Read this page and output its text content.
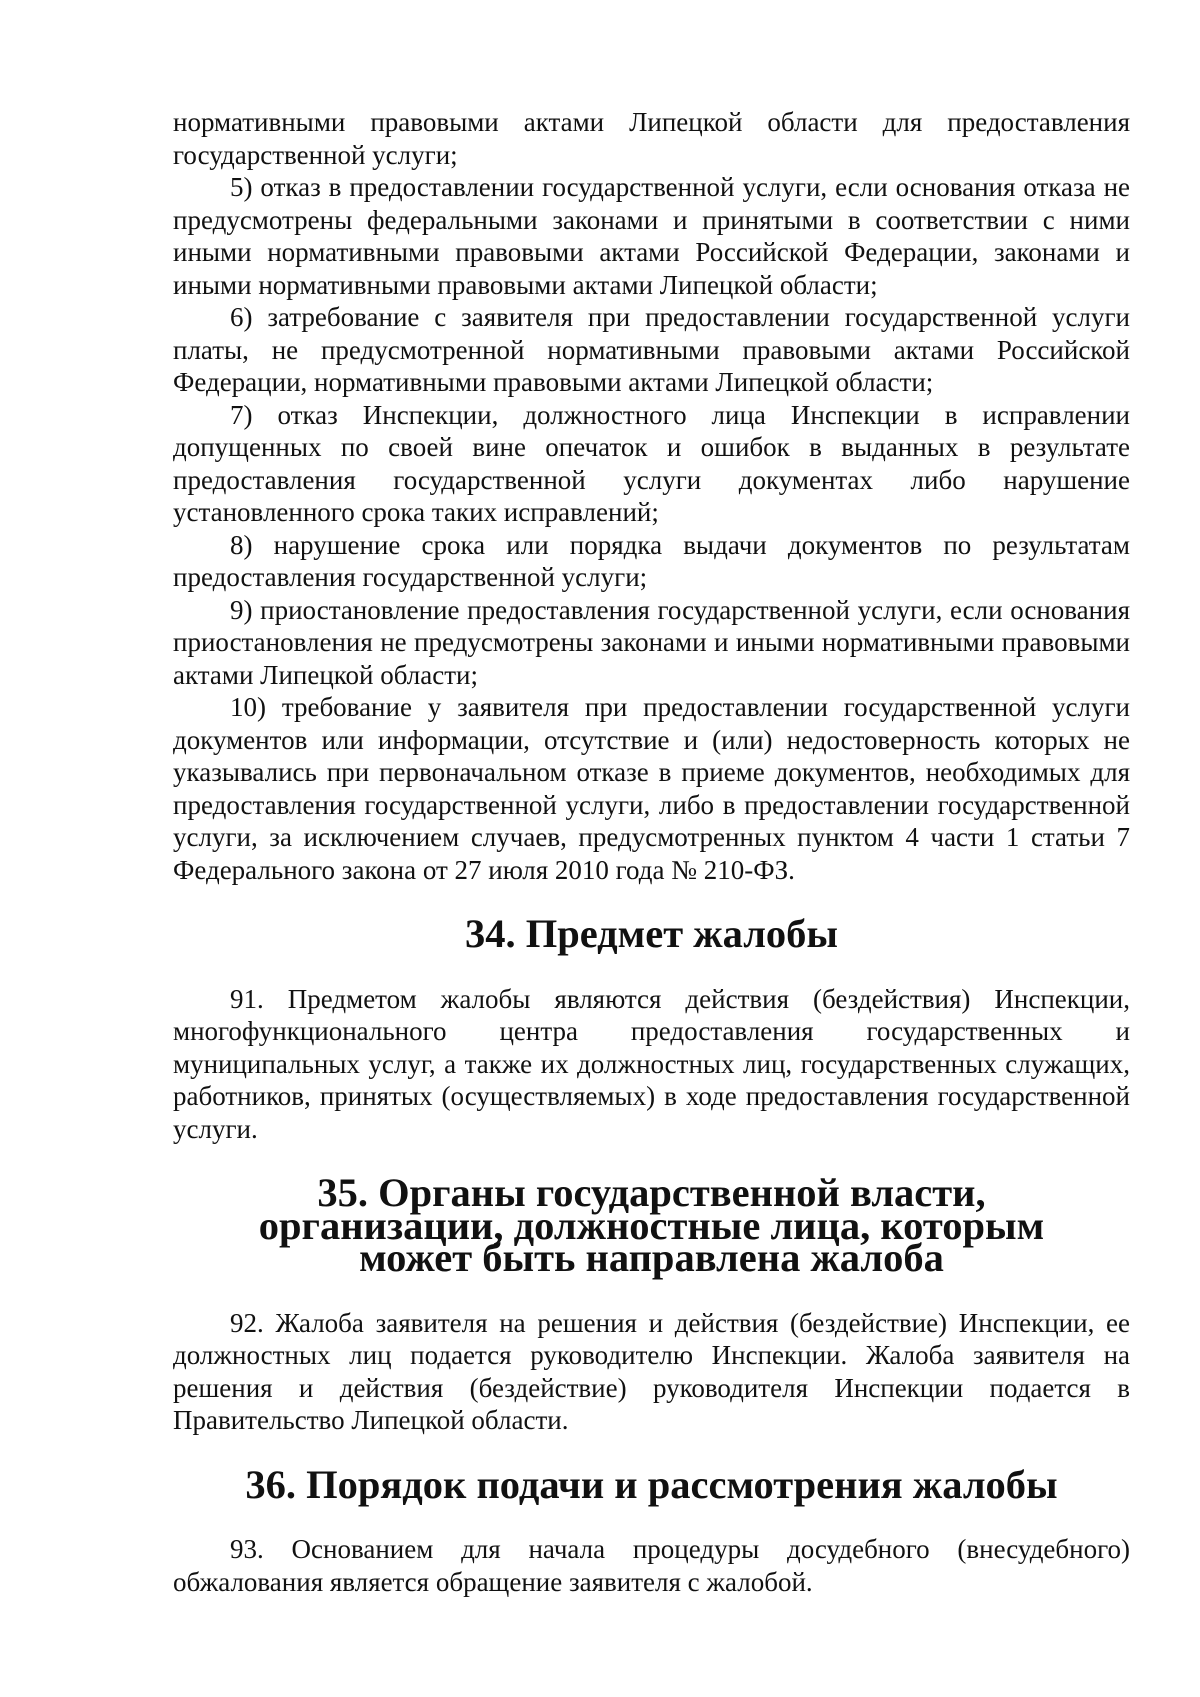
нормативными правовыми актами Липецкой области для предоставления государственной услуги;

5) отказ в предоставлении государственной услуги, если основания отказа не предусмотрены федеральными законами и принятыми в соответствии с ними иными нормативными правовыми актами Российской Федерации, законами и иными нормативными правовыми актами Липецкой области;

6) затребование с заявителя при предоставлении государственной услуги платы, не предусмотренной нормативными правовыми актами Российской Федерации, нормативными правовыми актами Липецкой области;

7) отказ Инспекции, должностного лица Инспекции в исправлении допущенных по своей вине опечаток и ошибок в выданных в результате предоставления государственной услуги документах либо нарушение установленного срока таких исправлений;

8) нарушение срока или порядка выдачи документов по результатам предоставления государственной услуги;

9) приостановление предоставления государственной услуги, если основания приостановления не предусмотрены законами и иными нормативными правовыми актами Липецкой области;

10) требование у заявителя при предоставлении государственной услуги документов или информации, отсутствие и (или) недостоверность которых не указывались при первоначальном отказе в приеме документов, необходимых для предоставления государственной услуги, либо в предоставлении государственной услуги, за исключением случаев, предусмотренных пунктом 4 части 1 статьи 7 Федерального закона от 27 июля 2010 года № 210-ФЗ.

34. Предмет жалобы

91. Предметом жалобы являются действия (бездействия) Инспекции, многофункционального центра предоставления государственных и муниципальных услуг, а также их должностных лиц, государственных служащих, работников, принятых (осуществляемых) в ходе предоставления государственной услуги.

35. Органы государственной власти, организации, должностные лица, которым может быть направлена жалоба

92. Жалоба заявителя на решения и действия (бездействие) Инспекции, ее должностных лиц подается руководителю Инспекции. Жалоба заявителя на решения и действия (бездействие) руководителя Инспекции подается в Правительство Липецкой области.

36. Порядок подачи и рассмотрения жалобы

93. Основанием для начала процедуры досудебного (внесудебного) обжалования является обращение заявителя с жалобой.
